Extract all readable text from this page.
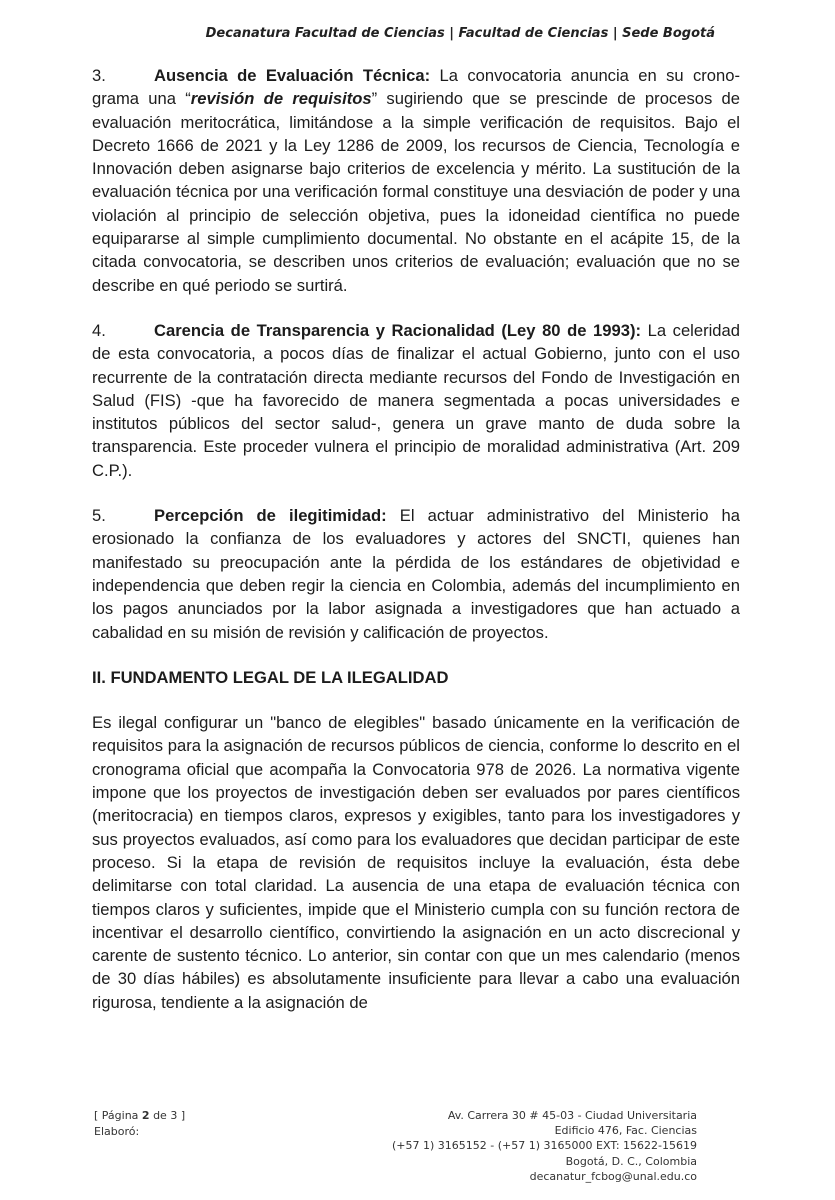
Decanatura Facultad de Ciencias | Facultad de Ciencias | Sede Bogotá

3.	Ausencia de Evaluación Técnica: La convocatoria anuncia en su crono-grama una “revisión de requisitos” sugiriendo que se prescinde de procesos de evaluación meritocrática, limitándose a la simple verificación de requisitos. Bajo el Decreto 1666 de 2021 y la Ley 1286 de 2009, los recursos de Ciencia, Tecnología e Innovación deben asignarse bajo criterios de excelencia y mérito. La sustitución de la evaluación técnica por una verificación formal constituye una desviación de poder y una violación al principio de selección objetiva, pues la idoneidad científica no puede equipararse al simple cumplimiento documental. No obstante en el acápite 15, de la citada convocatoria, se describen unos criterios de evaluación; evaluación que no se describe en qué periodo se surtirá.

4.	Carencia de Transparencia y Racionalidad (Ley 80 de 1993): La celeridad de esta convocatoria, a pocos días de finalizar el actual Gobierno, junto con el uso recurrente de la contratación directa mediante recursos del Fondo de Investigación en Salud (FIS) -que ha favorecido de manera segmentada a pocas universidades e institutos públicos del sector salud-, genera un grave manto de duda sobre la transparencia. Este proceder vulnera el principio de moralidad administrativa (Art. 209 C.P.).

5.	Percepción de ilegitimidad: El actuar administrativo del Ministerio ha erosionado la confianza de los evaluadores y actores del SNCTI, quienes han manifestado su preocupación ante la pérdida de los estándares de objetividad e independencia que deben regir la ciencia en Colombia, además del incumplimiento en los pagos anunciados por la labor asignada a investigadores que han actuado a cabalidad en su misión de revisión y calificación de proyectos.

II. FUNDAMENTO LEGAL DE LA ILEGALIDAD

Es ilegal configurar un "banco de elegibles" basado únicamente en la verificación de requisitos para la asignación de recursos públicos de ciencia, conforme lo descrito en el cronograma oficial que acompaña la Convocatoria 978 de 2026. La normativa vigente impone que los proyectos de investigación deben ser evaluados por pares científicos (meritocracia) en tiempos claros, expresos y exigibles, tanto para los investigadores y sus proyectos evaluados, así como para los evaluadores que decidan participar de este proceso. Si la etapa de revisión de requisitos incluye la evaluación, ésta debe delimitarse con total claridad. La ausencia de una etapa de evaluación técnica con tiempos claros y suficientes, impide que el Ministerio cumpla con su función rectora de incentivar el desarrollo científico, convirtiendo la asignación en un acto discrecional y carente de sustento técnico. Lo anterior, sin contar con que un mes calendario (menos de 30 días hábiles) es absolutamente insuficiente para llevar a cabo una evaluación rigurosa, tendiente a la asignación de

[ Página 2 de 3 ]
Elaboró:
Av. Carrera 30 # 45-03 - Ciudad Universitaria
Edificio 476, Fac. Ciencias
(+57 1) 3165152 - (+57 1) 3165000 EXT: 15622-15619
Bogotá, D. C., Colombia
decanatur_fcbog@unal.edu.co
